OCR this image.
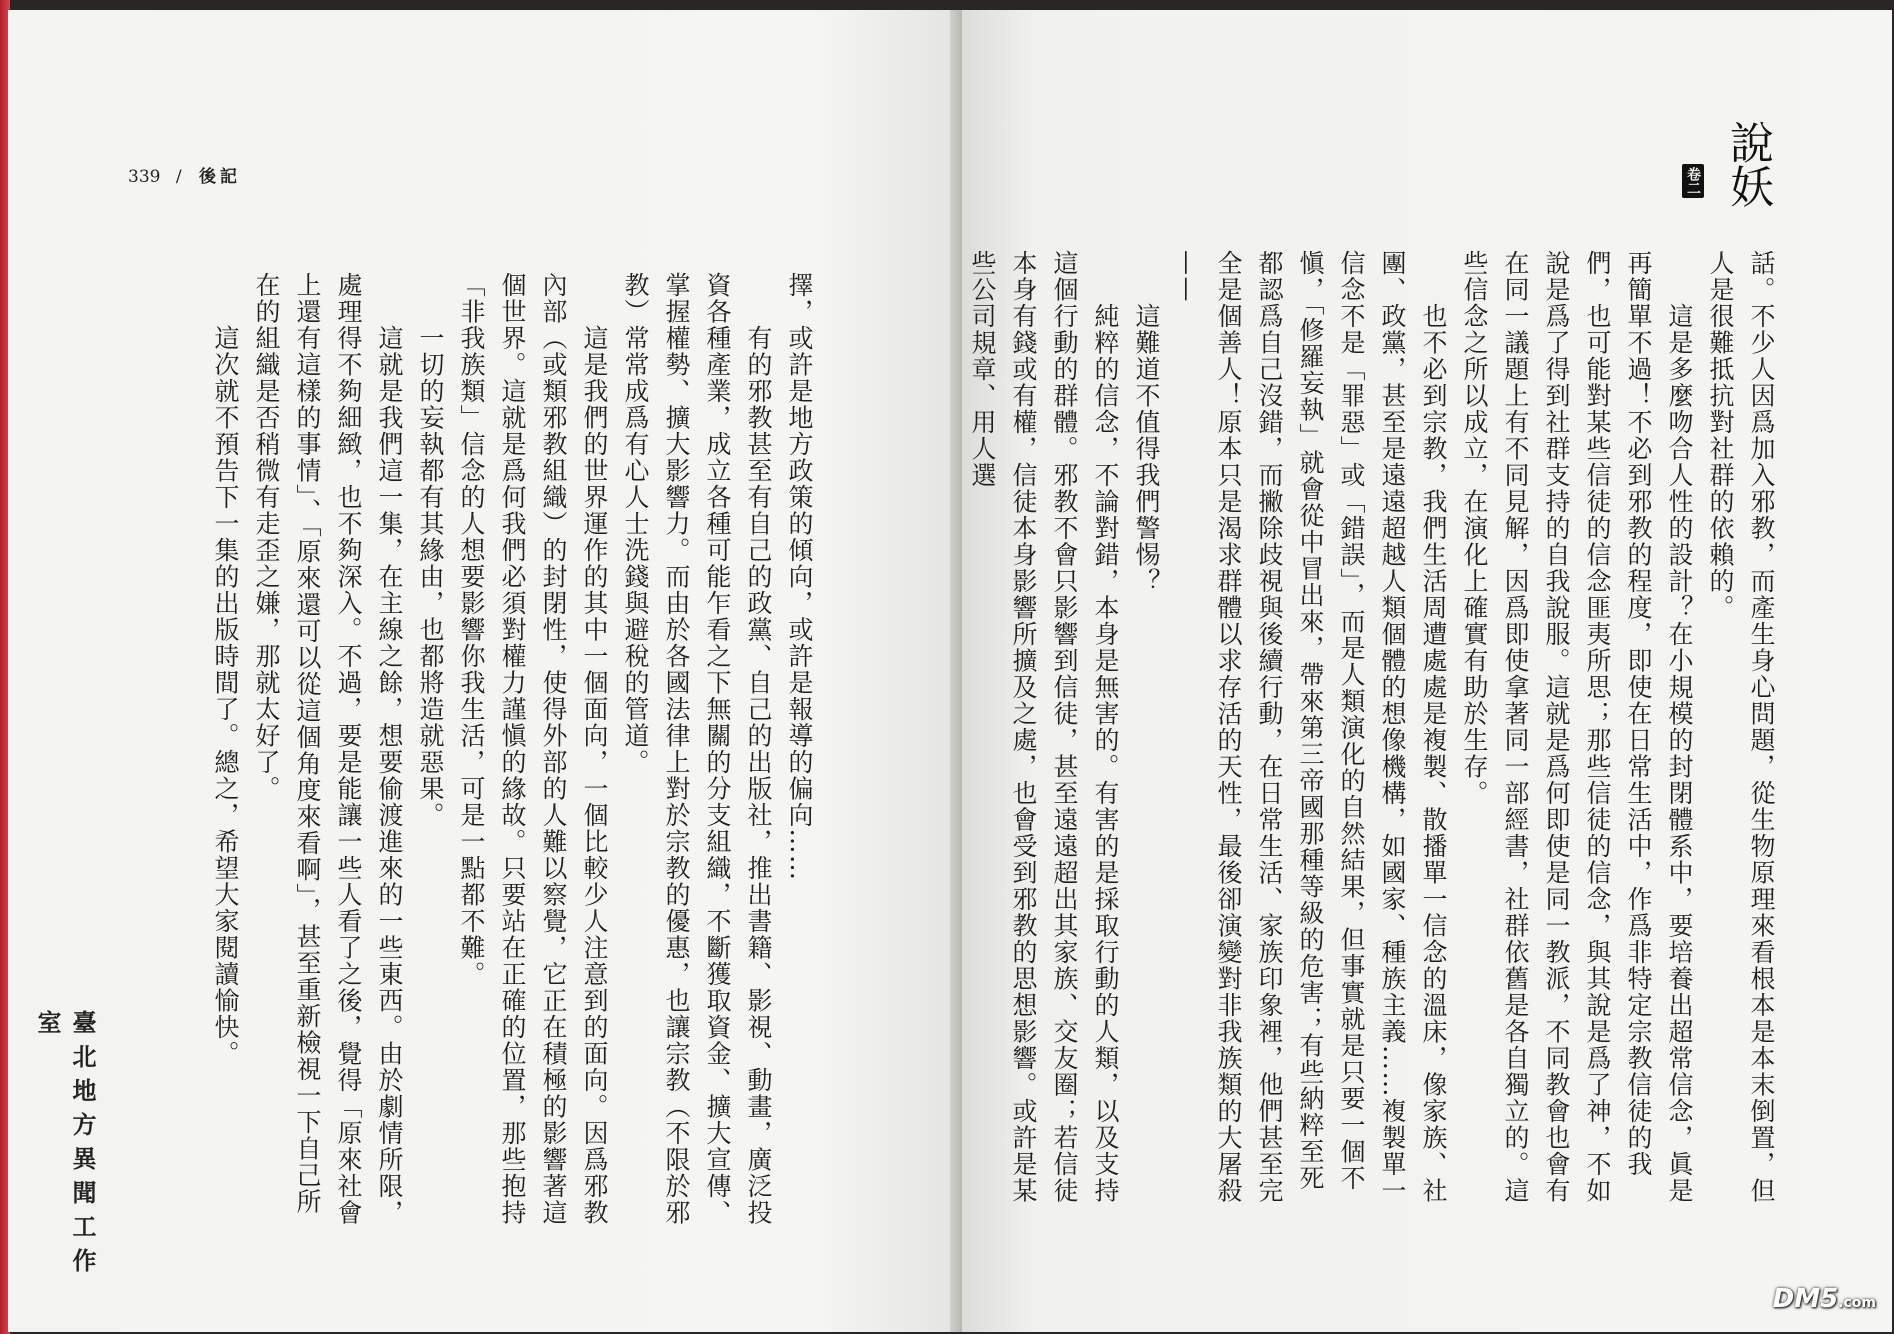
339 / 後記
擇，或許是地方政策的傾向，或許是報導的偏向……
　　有的邪教甚至有自己的政黨、自己的出版社，推出書籍、影視、動畫，廣泛投資各種產業，成立各種可能乍看之下無關的分支組織，不斷獲取資金、擴大宣傳、掌握權勢、擴大影響力。而由於各國法律上對於宗教的優惠，也讓宗教（不限於邪教）常常成爲有心人士洗錢與避稅的管道。
　　這是我們的世界運作的其中一個面向，一個比較少人注意到的面向。因爲邪教內部（或類邪教組織）的封閉性，使得外部的人難以察覺，它正在積極的影響著這個世界。這就是爲何我們必須對權力謹愼的緣故。只要站在正確的位置，那些抱持「非我族類」信念的人想要影響你我生活，可是一點都不難。
　　一切的妄執都有其緣由，也都將造就惡果。
　　這就是我們這一集，在主線之餘，想要偷渡進來的一些東西。由於劇情所限，處理得不夠細緻，也不夠深入。不過，要是能讓一些人看了之後，覺得「原來社會上還有這樣的事情」、「原來還可以從這個角度來看啊」，甚至重新檢視一下自己所在的組織是否稍微有走歪之嫌，那就太好了。
　　這次就不預告下一集的出版時間了。總之，希望大家閱讀愉快。
臺北地方異聞工作室
說妖
卷二
話。不少人因爲加入邪教，而產生身心問題，從生物原理來看根本是本末倒置，但人是很難抵抗對社群的依賴的。
　　這是多麼吻合人性的設計？在小規模的封閉體系中，要培養出超常信念，眞是再簡單不過！不必到邪教的程度，即使在日常生活中，作爲非特定宗教信徒的我們，也可能對某些信徒的信念匪夷所思；那些信徒的信念，與其說是爲了神，不如說是爲了得到社群支持的自我說服。這就是爲何即使是同一教派，不同教會也會有在同一議題上有不同見解，因爲即使拿著同一部經書，社群依舊是各自獨立的。這些信念之所以成立，在演化上確實有助於生存。
　　也不必到宗教，我們生活周遭處處是複製、散播單一信念的溫床，像家族、社團、政黨，甚至是遠遠超越人類個體的想像機構，如國家、種族主義……複製單一信念不是「罪惡」或「錯誤」，而是人類演化的自然結果，但事實就是只要一個不愼，「修羅妄執」就會從中冒出來，帶來第三帝國那種等級的危害；有些納粹至死都認爲自己沒錯，而撇除歧視與後續行動，在日常生活、家族印象裡，他們甚至完全是個善人！原本只是渴求群體以求存活的天性，最後卻演變對非我族類的大屠殺——
　　這難道不值得我們警惕？
　　純粹的信念，不論對錯，本身是無害的。有害的是採取行動的人類，以及支持這個行動的群體。邪教不會只影響到信徒，甚至遠遠超出其家族、交友圈；若信徒本身有錢或有權，信徒本身影響所擴及之處，也會受到邪教的思想影響。或許是某些公司規章、用人選
DM5.com
